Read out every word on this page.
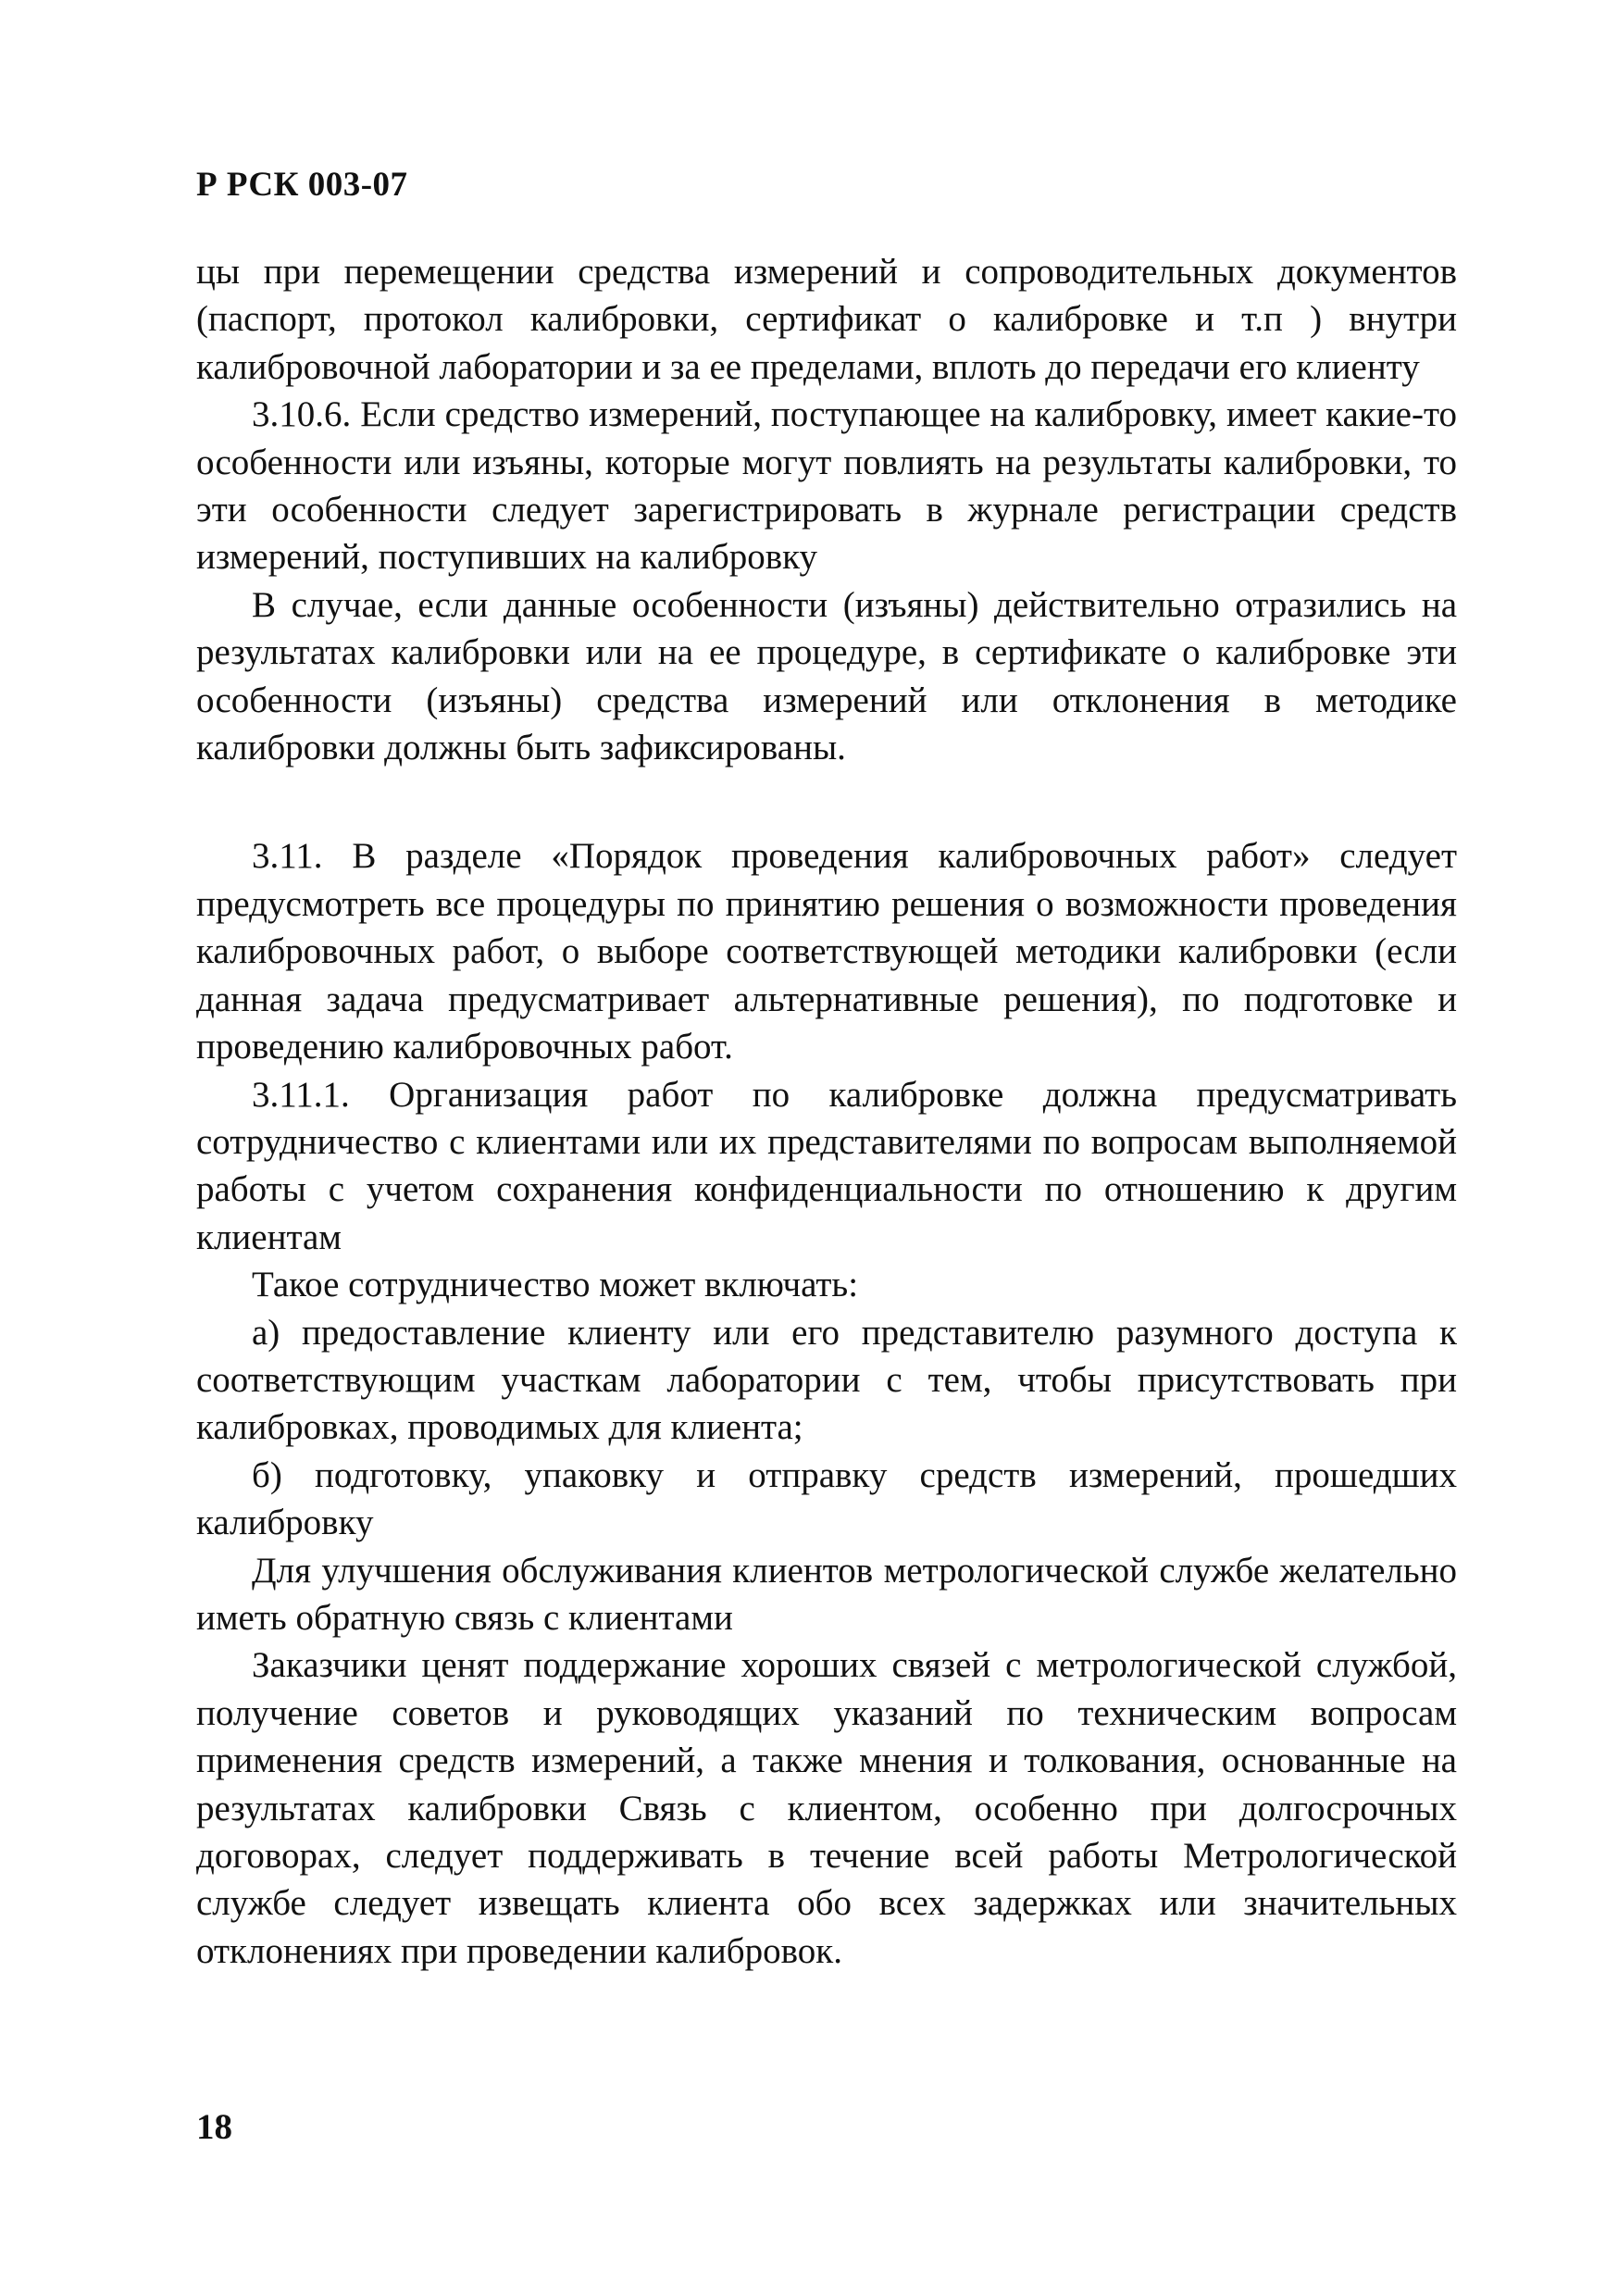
Р РСК 003-07

цы при перемещении средства измерений и сопроводительных документов (паспорт, протокол калибровки, сертификат о калибровке и т.п ) внутри калибровочной лаборатории и за ее пределами, вплоть до передачи его клиенту

3.10.6. Если средство измерений, поступающее на калибровку, имеет какие-то особенности или изъяны, которые могут повлиять на результаты калибровки, то эти особенности следует зарегистрировать в журнале регистрации средств измерений, поступивших на калибровку

В случае, если данные особенности (изъяны) действительно отразились на результатах калибровки или на ее процедуре, в сертификате о калибровке эти особенности (изъяны) средства измерений или отклонения в методике калибровки должны быть зафиксированы.

3.11. В разделе «Порядок проведения калибровочных работ» следует предусмотреть все процедуры по принятию решения о возможности проведения калибровочных работ, о выборе соответствующей методики калибровки (если данная задача предусматривает альтернативные решения), по подготовке и проведению калибровочных работ.

3.11.1. Организация работ по калибровке должна предусматривать сотрудничество с клиентами или их представителями по вопросам выполняемой работы с учетом сохранения конфиденциальности по отношению к другим клиентам

Такое сотрудничество может включать:

а) предоставление клиенту или его представителю разумного доступа к соответствующим участкам лаборатории с тем, чтобы присутствовать при калибровках, проводимых для клиента;

б) подготовку, упаковку и отправку средств измерений, прошедших калибровку

Для улучшения обслуживания клиентов метрологической службе желательно иметь обратную связь с клиентами

Заказчики ценят поддержание хороших связей с метрологической службой, получение советов и руководящих указаний по техническим вопросам применения средств измерений, а также мнения и толкования, основанные на результатах калибровки Связь с клиентом, особенно при долгосрочных договорах, следует поддерживать в течение всей работы Метрологической службе следует извещать клиента обо всех задержках или значительных отклонениях при проведении калибровок.

18
